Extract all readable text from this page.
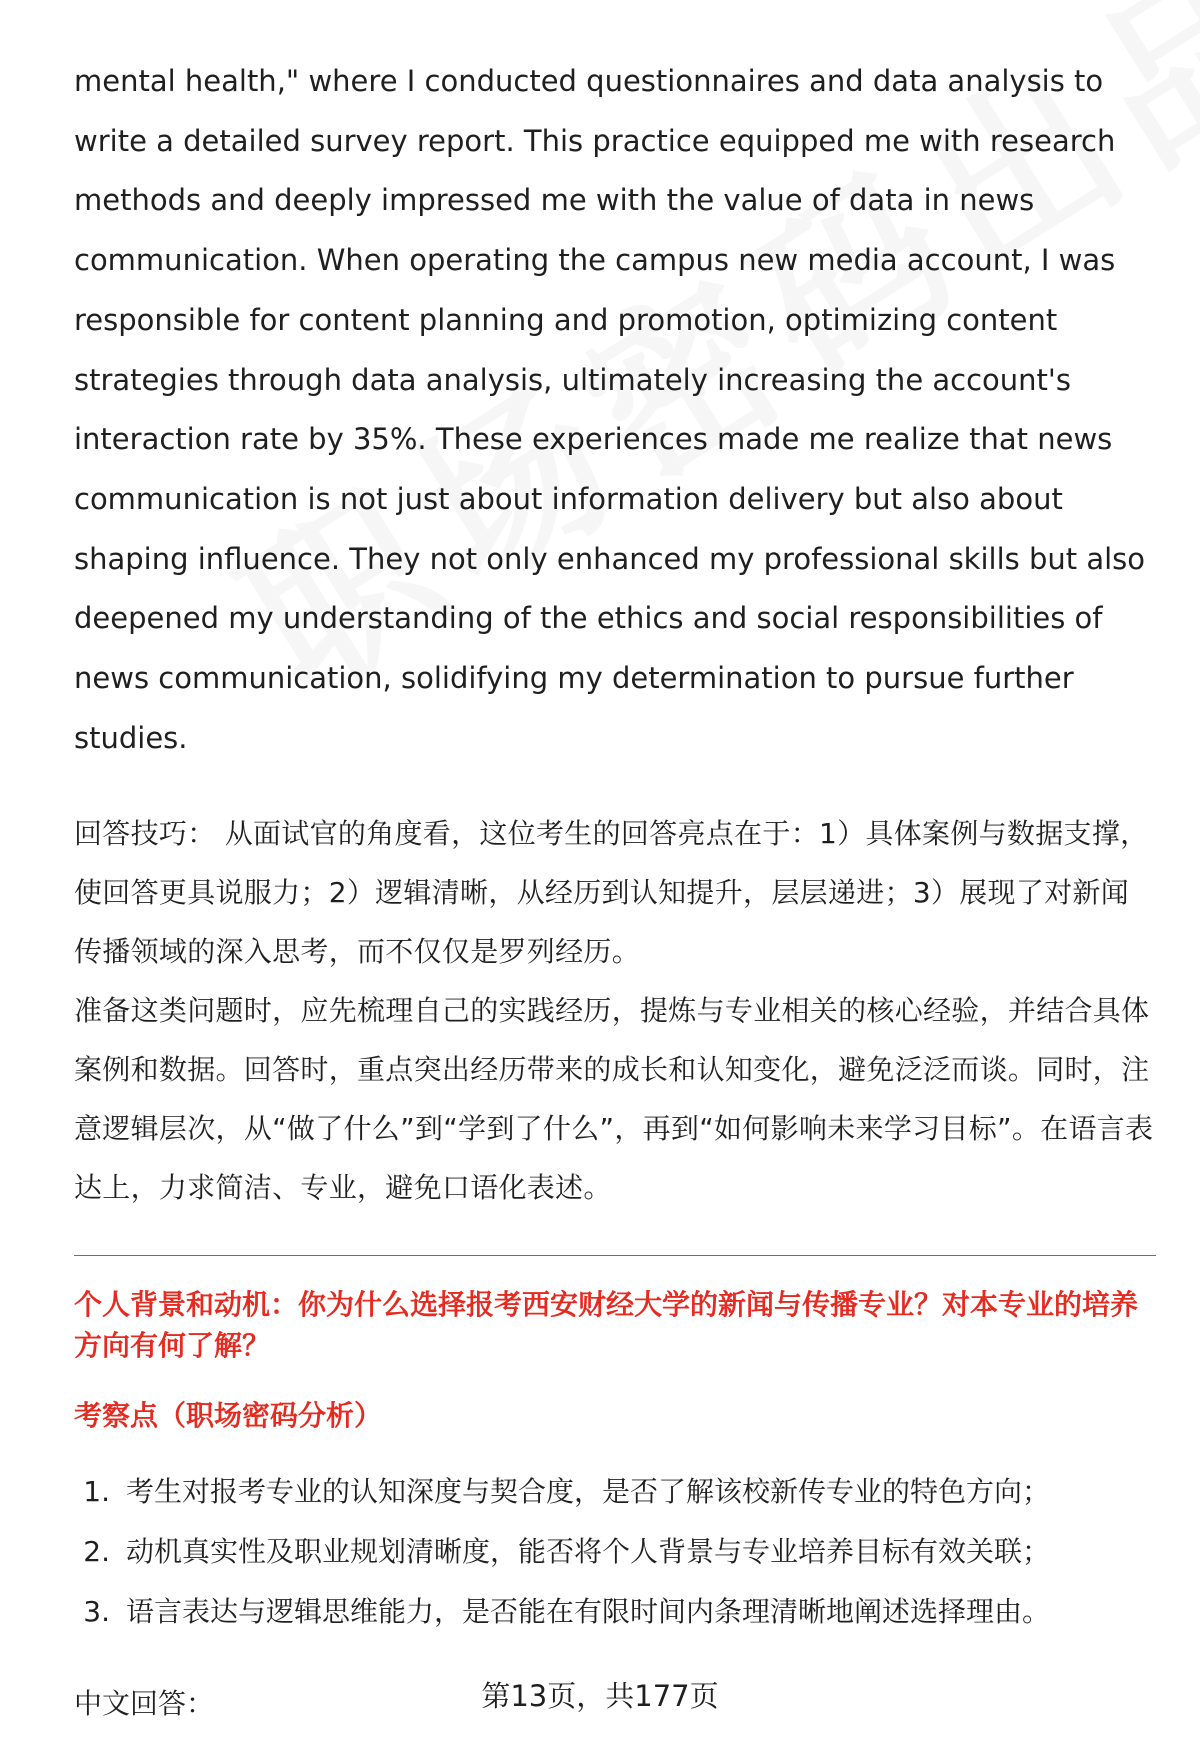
mental health," where I conducted questionnaires and data analysis to write a detailed survey report. This practice equipped me with research methods and deeply impressed me with the value of data in news communication. When operating the campus new media account, I was responsible for content planning and promotion, optimizing content strategies through data analysis, ultimately increasing the account's interaction rate by 35%. These experiences made me realize that news communication is not just about information delivery but also about shaping influence. They not only enhanced my professional skills but also deepened my understanding of the ethics and social responsibilities of news communication, solidifying my determination to pursue further studies.

回答技巧： 从面试官的角度看，这位考生的回答亮点在于：1）具体案例与数据支撑，使回答更具说服力；2）逻辑清晰，从经历到认知提升，层层递进；3）展现了对新闻传播领域的深入思考，而不仅仅是罗列经历。

准备这类问题时，应先梳理自己的实践经历，提炼与专业相关的核心经验，并结合具体案例和数据。回答时，重点突出经历带来的成长和认知变化，避免泛泛而谈。同时，注意逻辑层次，从“做了什么”到“学到了什么”，再到“如何影响未来学习目标”。在语言表达上，力求简洁、专业，避免口语化表述。

个人背景和动机：你为什么选择报考西安财经大学的新闻与传播专业？对本专业的培养方向有何了解？

考察点（职场密码分析）

1. 考生对报考专业的认知深度与契合度，是否了解该校新传专业的特色方向；
2. 动机真实性及职业规划清晰度，能否将个人背景与专业培养目标有效关联；
3. 语言表达与逻辑思维能力，是否能在有限时间内条理清晰地阐述选择理由。

中文回答：	第13页，共177页
